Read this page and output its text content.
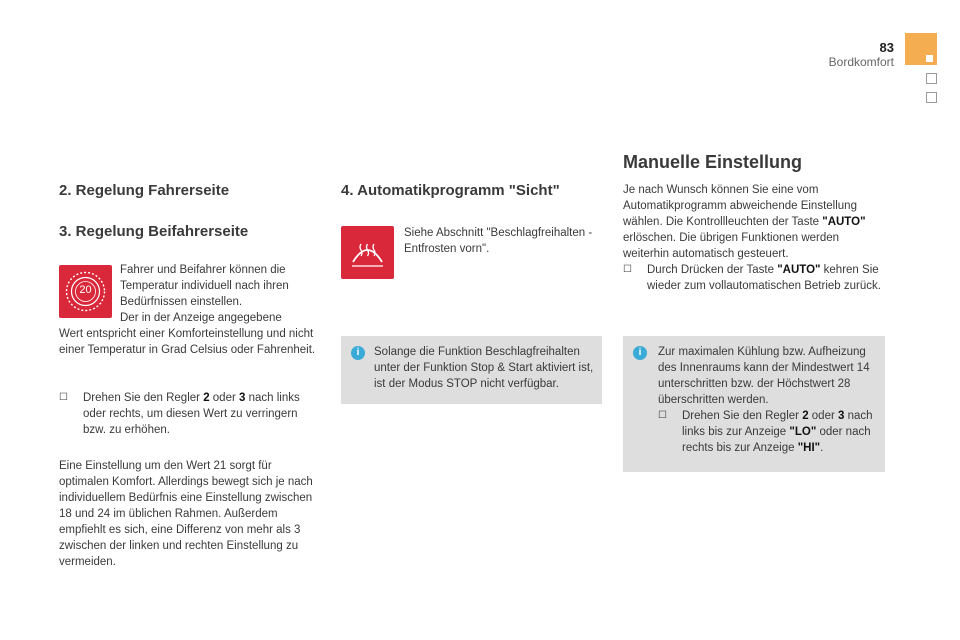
83
Bordkomfort
2. Regelung Fahrerseite
3. Regelung Beifahrerseite
20
Fahrer und Beifahrer können die
Temperatur individuell nach ihren
Bedürfnissen einstellen.
Der in der Anzeige angegebene
Wert entspricht einer Komforteinstellung und nicht einer Temperatur in Grad Celsius oder Fahrenheit.
☐	Drehen Sie den Regler 2 oder 3 nach links oder rechts, um diesen Wert zu verringern bzw. zu erhöhen.
Eine Einstellung um den Wert 21 sorgt für optimalen Komfort. Allerdings bewegt sich je nach individuellem Bedürfnis eine Einstellung zwischen 18 und 24 im üblichen Rahmen. Außerdem empfiehlt es sich, eine Differenz von mehr als 3 zwischen der linken und rechten Einstellung zu vermeiden.
4. Automatikprogramm "Sicht"
Siehe Abschnitt "Beschlagfreihalten - Entfrosten vorn".
i	Solange die Funktion Beschlagfreihalten unter der Funktion Stop & Start aktiviert ist, ist der Modus STOP nicht verfügbar.
Manuelle Einstellung
Je nach Wunsch können Sie eine vom Automatikprogramm abweichende Einstellung wählen. Die Kontrollleuchten der Taste "AUTO" erlöschen. Die übrigen Funktionen werden weiterhin automatisch gesteuert.
☐	Durch Drücken der Taste "AUTO" kehren Sie wieder zum vollautomatischen Betrieb zurück.
i	Zur maximalen Kühlung bzw. Aufheizung des Innenraums kann der Mindestwert 14 unterschritten bzw. der Höchstwert 28 überschritten werden.
☐	Drehen Sie den Regler 2 oder 3 nach links bis zur Anzeige "LO" oder nach rechts bis zur Anzeige "HI".
